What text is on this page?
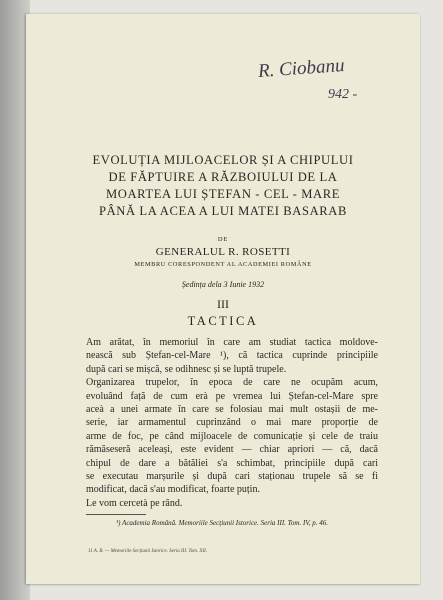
R. Ciobanu
942 -
EVOLUȚIA MIJLOACELOR ȘI A CHIPULUI
DE FĂPTUIRE A RĂZBOIULUI DE LA
MOARTEA LUI ȘTEFAN - CEL - MARE
PÂNĂ LA ACEA A LUI MATEI BASARAB
DE
GENERALUL R. ROSETTI
MEMBRU CORESPONDENT AL ACADEMIEI ROMÂNE
Ședința dela 3 Iunie 1932
III
TACTICA
Am arătat, în memoriul în care am studiat tactica moldove-
nească sub Ștefan-cel-Mare ¹), că tactica cuprinde principiile
după cari se mișcă, se odihnesc și se luptă trupele.
Organizarea trupelor, în epoca de care ne ocupăm acum,
evoluând față de cum erà pe vremea lui Ștefan-cel-Mare spre
aceà a unei armate în care se folosiau mai mult ostașii de me-
serie, iar armamentul cuprinzând o mai mare proporție de
arme de foc, pe când mijloacele de comunicație și cele de traiu
rămăseseră aceleași, este evident — chiar apriori — că, dacă
chipul de dare a bătăliei s'a schimbat, principiile după cari
se executau marșurile și după cari staționau trupele să se fi
modificat, dacă s'au modificat, foarte puțin.
Le vom cercetà pe rând.
¹) Academia Română. Memoriile Secțiunii Istorice. Seria III. Tom. IV, p. 46.
11 A. R. — Memoriile Secțiunii Istorice. Seria III. Tom. XII.
